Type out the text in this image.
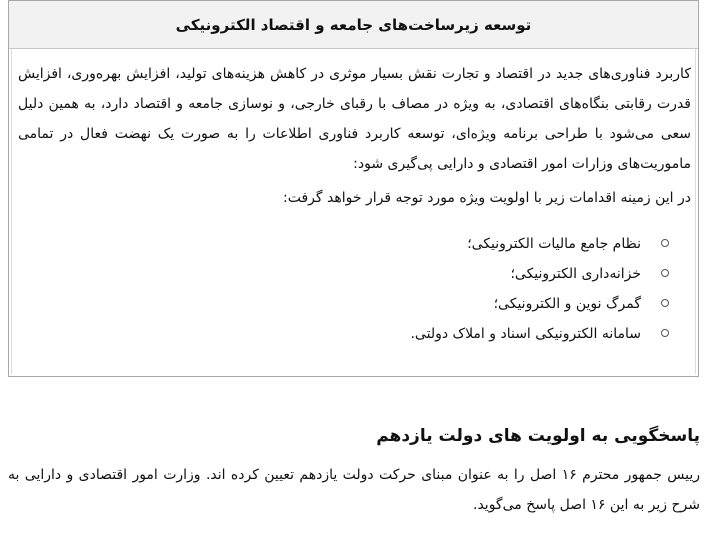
توسعه زیرساخت‌های جامعه و اقتصاد الکترونیکی

کاربرد فناوری‌های جدید در اقتصاد و تجارت نقش بسیار موثری در کاهش هزینه‌های تولید، افزایش بهره‌وری، افزایش قدرت رقابتی بنگاه‌های اقتصادی، به ویژه در مصاف با رقبای خارجی، و نوسازی جامعه و اقتصاد دارد، به همین دلیل سعی می‌شود با طراحی برنامه ویژه‌ای، توسعه کاربرد فناوری اطلاعات را به صورت یک نهضت فعال در تمامی ماموریت‌های وزارات امور اقتصادی و دارایی پی‌گیری شود:

در این زمینه اقدامات زیر با اولویت ویژه مورد توجه قرار خواهد گرفت:

نظام جامع مالیات الکترونیکی؛
خزانه‌داری الکترونیکی؛
گمرگ نوین و الکترونیکی؛
سامانه الکترونیکی اسناد و املاک دولتی.
پاسخگویی به اولویت های دولت یازدهم

رییس جمهور محترم ۱۶ اصل را به عنوان مبنای حرکت دولت یازدهم تعیین کرده اند. وزارت امور اقتصادی و دارایی به شرح زیر به این ۱۶ اصل پاسخ می‌گوید.
